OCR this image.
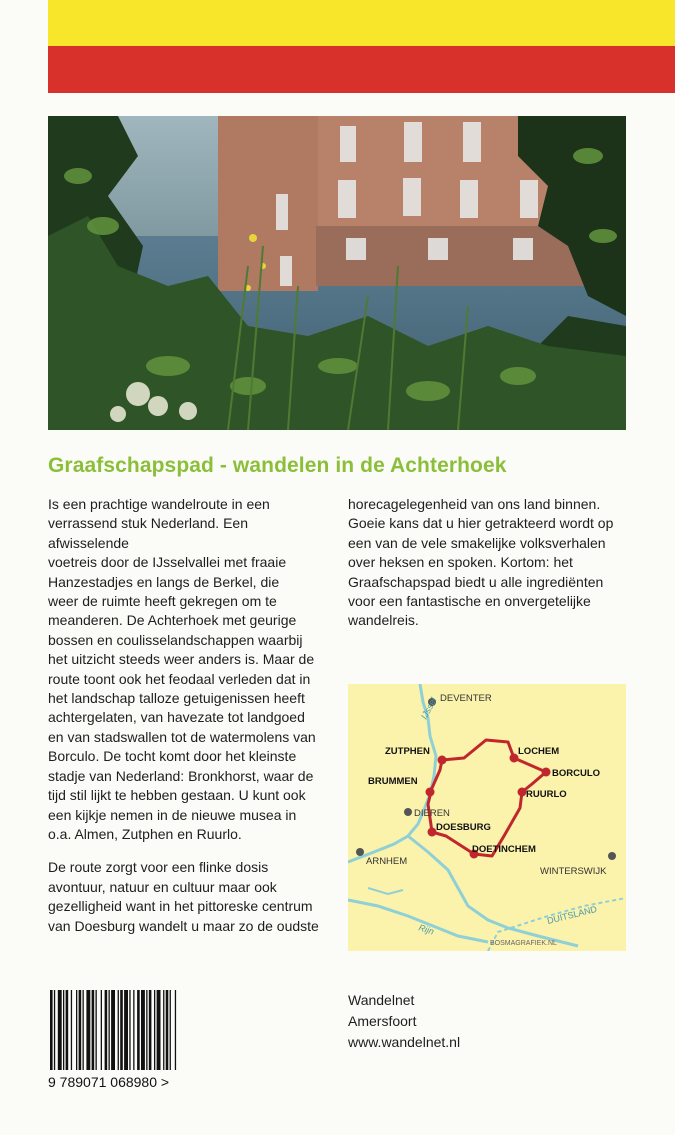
Graafschapspad - wandelen in de Achterhoek

Is een prachtige wandelroute in een
verrassend stuk Nederland. Een afwisselende
voetreis door de IJsselvallei met fraaie
Hanzestadjes en langs de Berkel, die
weer de ruimte heeft gekregen om te
meanderen. De Achterhoek met geurige
bossen en coulisselandschappen waarbij
het uitzicht steeds weer anders is. Maar de
route toont ook het feodaal verleden dat in
het landschap talloze getuigenissen heeft
achtergelaten, van havezate tot landgoed
en van stadswallen tot de watermolens van
Borculo. De tocht komt door het kleinste
stadje van Nederland: Bronkhorst, waar de
tijd stil lijkt te hebben gestaan. U kunt ook
een kijkje nemen in de nieuwe musea in
o.a. Almen, Zutphen en Ruurlo.

De route zorgt voor een flinke dosis
avontuur, natuur en cultuur maar ook
gezelligheid want in het pittoreske centrum
van Doesburg wandelt u maar zo de oudste

horecagelegenheid van ons land binnen.
Goeie kans dat u hier getrakteerd wordt op
een van de vele smakelijke volksverhalen
over heksen en spoken. Kortom: het
Graafschapspad biedt u alle ingrediënten
voor een fantastische en onvergetelijke
wandelreis.

DEVENTER
DIEREN
ARNHEM
WINTERSWIJK
ZUTPHEN	LOCHEM
BORCULO
BRUMMEN
RUURLO
DOESBURG
DOETINCHEM
IJssel
Rijn
DUITSLAND
BOSMAGRAFIEK.NL
9 789071 068980 >
Wandelnet
Amersfoort
www.wandelnet.nl
